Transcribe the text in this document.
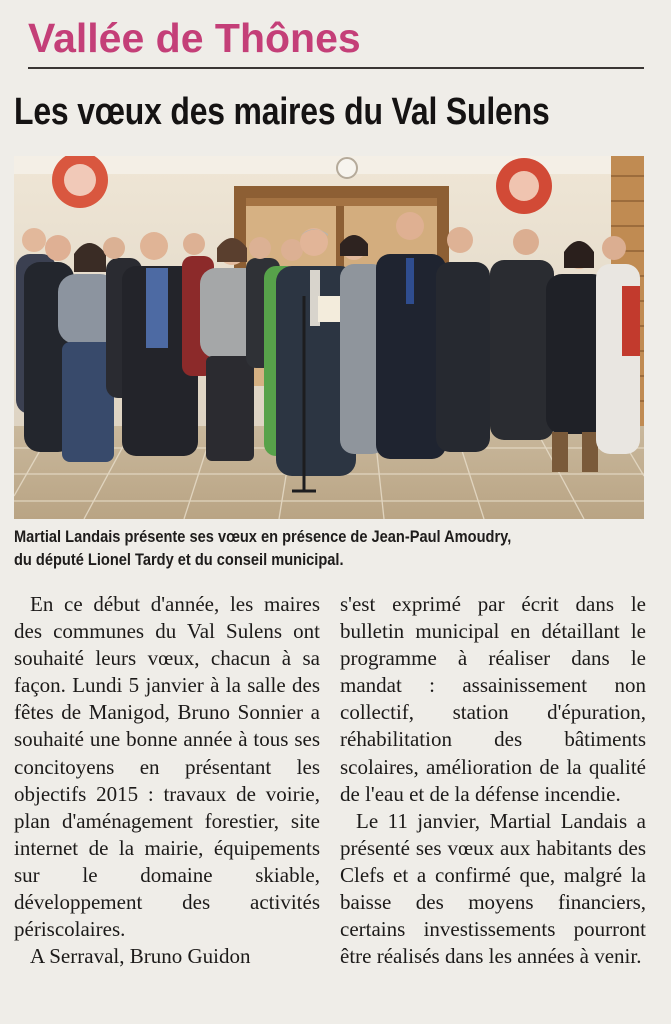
Vallée de Thônes
Les vœux des maires du Val Sulens

Martial Landais présente ses vœux en présence de Jean-Paul Amoudry,
du député Lionel Tardy et du conseil municipal.

En ce début d'année, les maires des communes du Val Sulens ont souhaité leurs vœux, chacun à sa façon. Lundi 5 janvier à la salle des fêtes de Manigod, Bruno Sonnier a souhaité une bonne année à tous ses concitoyens en présentant les objectifs 2015 : travaux de voirie, plan d'aménagement forestier, site internet de la mairie, équipements sur le domaine skiable, développement des activités périscolaires.

A Serraval, Bruno Guidon

s'est exprimé par écrit dans le bulletin municipal en détaillant le programme à réaliser dans le mandat : assainissement non collectif, station d'épuration, réhabilitation des bâtiments scolaires, amélioration de la qualité de l'eau et de la défense incendie.

Le 11 janvier, Martial Landais a présenté ses vœux aux habitants des Clefs et a confirmé que, malgré la baisse des moyens financiers, certains investissements pourront être réalisés dans les années à venir.
